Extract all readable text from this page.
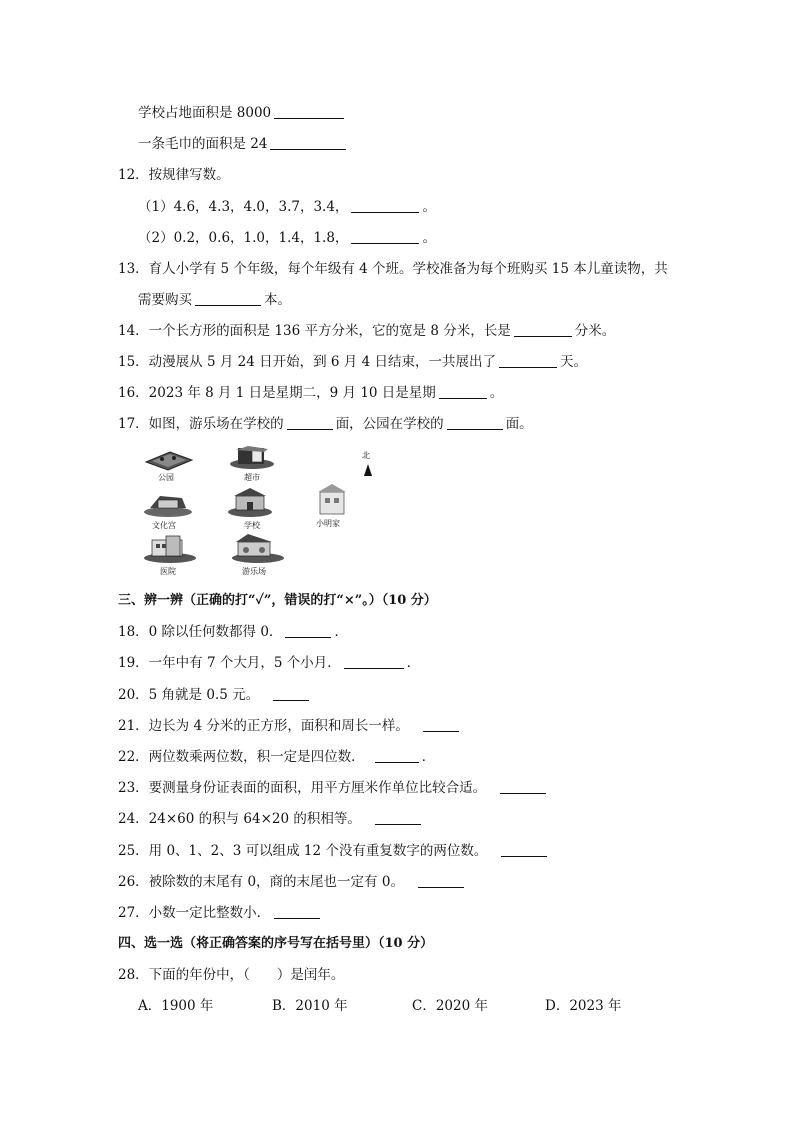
学校占地面积是 8000
一条毛巾的面积是 24
12．按规律写数。
（1）4.6，4.3，4.0，3.7，3.4，	。
（2）0.2，0.6，1.0，1.4，1.8，	。
13．育人小学有 5 个年级，每个年级有 4 个班。学校准备为每个班购买 15 本儿童读物，共
需要购买	本。
14．一个长方形的面积是 136 平方分米，它的宽是 8 分米，长是	分米。
15．动漫展从 5 月 24 日开始，到 6 月 4 日结束，一共展出了	天。
16．2023 年 8 月 1 日是星期二，9 月 10 日是星期	。
17．如图，游乐场在学校的	面，公园在学校的	面。
公园	超市
北
文化宫	学校	小明家
医院	游乐场
三、辨一辨（正确的打“✓”，错误的打“×”。）（10 分）
18．0 除以任何数都得 0．	．
19．一年中有 7 个大月，5 个小月．	．
20．5 角就是 0.5 元。
21．边长为 4 分米的正方形，面积和周长一样。
22．两位数乘两位数，积一定是四位数．	．
23．要测量身份证表面的面积，用平方厘米作单位比较合适。
24．24×60 的积与 64×20 的积相等。
25．用 0、1、2、3 可以组成 12 个没有重复数字的两位数。
26．被除数的末尾有 0，商的末尾也一定有 0。
27．小数一定比整数小．
四、选一选（将正确答案的序号写在括号里）（10 分）
28．下面的年份中，（　　）是闰年。
A．1900 年	B．2010 年	C．2020 年	D．2023 年
